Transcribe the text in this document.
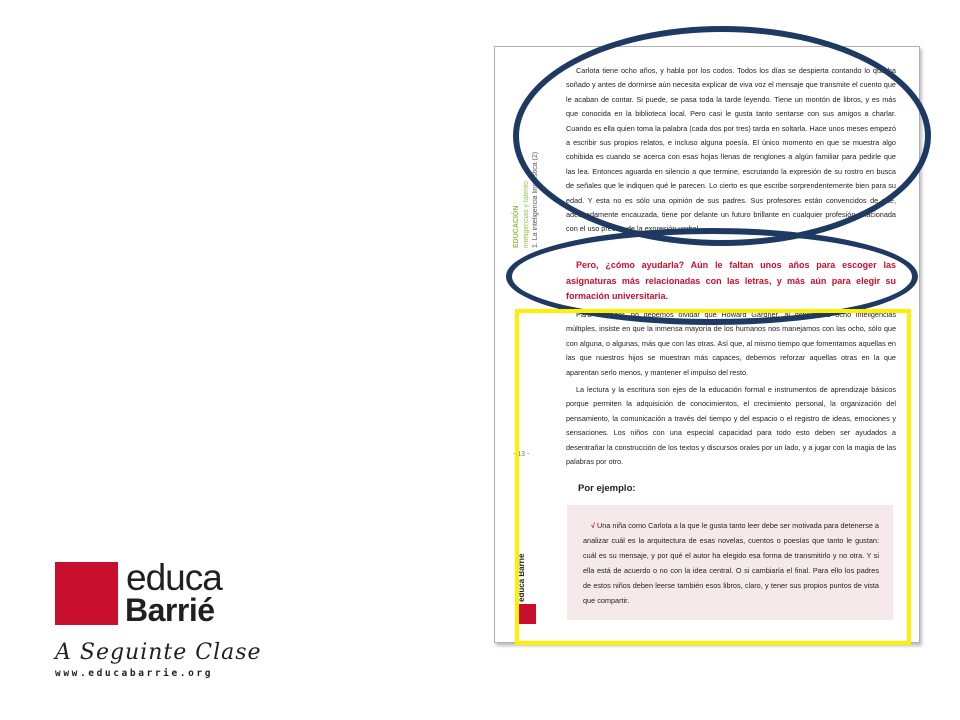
educa
Barrié
A Seguinte Clase
www.educabarrie.org
EDUCACIÓN inteligencias y talento 1. La inteligencia lingüística (2)
Carlota tiene ocho años, y habla por los codos. Todos los días se despierta contando lo que ha soñado y antes de dormirse aún necesita explicar de viva voz el mensaje que transmite el cuento que le acaban de contar. Si puede, se pasa toda la tarde leyendo. Tiene un montón de libros, y es más que conocida en la biblioteca local. Pero casi le gusta tanto sentarse con sus amigos a charlar. Cuando es ella quien toma la palabra (cada dos por tres) tarda en soltarla. Hace unos meses empezó a escribir sus propios relatos, e incluso alguna poesía. El único momento en que se muestra algo cohibida es cuando se acerca con esas hojas llenas de renglones a algún familiar para pedirle que las lea. Entonces aguarda en silencio a que termine, escrutando la expresión de su rostro en busca de señales que le indiquen qué le parecen. Lo cierto es que escribe sorprendentemente bien para su edad. Y esta no es sólo una opinión de sus padres. Sus profesores están convencidos de que, adecuadamente encauzada, tiene por delante un futuro brillante en cualquier profesión relacionada con el uso preciso de la expresión verbal.
Pero, ¿cómo ayudarla? Aún le faltan unos años para escoger las asignaturas más relacionadas con las letras, y más aún para elegir su formación universitaria.
Para empezar, no debemos olvidar que Howard Gardner, al definir sus ocho inteligencias múltiples, insiste en que la inmensa mayoría de los humanos nos manejamos con las ocho, sólo que con alguna, o algunas, más que con las otras. Así que, al mismo tiempo que fomentamos aquellas en las que nuestros hijos se muestran más capaces, debemos reforzar aquellas otras en la que aparentan serlo menos, y mantener el impulso del resto.
La lectura y la escritura son ejes de la educación formal e instrumentos de aprendizaje básicos porque permiten la adquisición de conocimientos, el crecimiento personal, la organización del pensamiento, la comunicación a través del tiempo y del espacio o el registro de ideas, emociones y sensaciones. Los niños con una especial capacidad para todo esto deben ser ayudados a desentrañar la construcción de los textos y discursos orales por un lado, y a jugar con la magia de las palabras por otro.
- 13 -
Por ejemplo:
√ Una niña como Carlota a la que le gusta tanto leer debe ser motivada para detenerse a analizar cuál es la arquitectura de esas novelas, cuentos o poesías que tanto le gustan: cuál es su mensaje, y por qué el autor ha elegido esa forma de transmitirlo y no otra. Y si ella está de acuerdo o no con la idea central. O si cambiaría el final. Para ello los padres de estos niños deben leerse también esos libros, claro, y tener sus propios puntos de vista que compartir.
educa Barrié
